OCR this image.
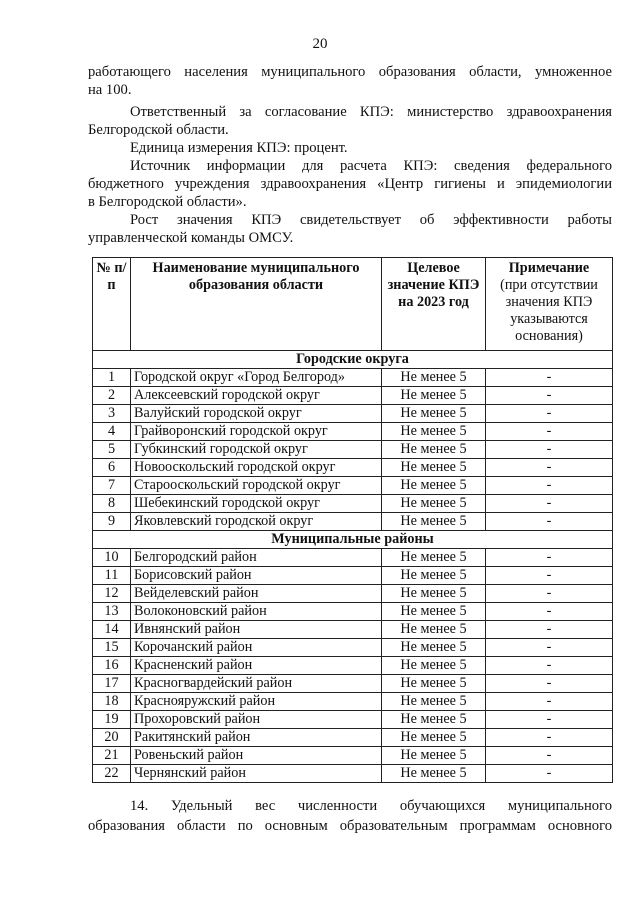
20
работающего населения муниципального образования области, умноженное
на 100.
Ответственный за согласование КПЭ: министерство здравоохранения
Белгородской области.
Единица измерения КПЭ: процент.
Источник информации для расчета КПЭ: сведения федерального
бюджетного учреждения здравоохранения «Центр гигиены и эпидемиологии
в Белгородской области».
Рост значения КПЭ свидетельствует об эффективности работы
управленческой команды ОМСУ.
№ п/п	Наименование муниципального образования области	Целевое значение КПЭ на 2023 год	Примечание
(при отсутствии значения КПЭ указываются основания)

Городские округа			
1	Городской округ «Город Белгород»	Не менее 5	-
2	Алексеевский городской округ	Не менее 5	-
3	Валуйский городской округ	Не менее 5	-
4	Грайворонский городской округ	Не менее 5	-
5	Губкинский городской округ	Не менее 5	-
6	Новооскольский городской округ	Не менее 5	-
7	Старооскольский городской округ	Не менее 5	-
8	Шебекинский городской округ	Не менее 5	-
9	Яковлевский городской округ	Не менее 5	-
Муниципальные районы			
10	Белгородский район	Не менее 5	-
11	Борисовский район	Не менее 5	-
12	Вейделевский район	Не менее 5	-
13	Волоконовский район	Не менее 5	-
14	Ивнянский район	Не менее 5	-
15	Корочанский район	Не менее 5	-
16	Красненский район	Не менее 5	-
17	Красногвардейский район	Не менее 5	-
18	Краснояружский район	Не менее 5	-
19	Прохоровский район	Не менее 5	-
20	Ракитянский район	Не менее 5	-
21	Ровеньский район	Не менее 5	-
22	Чернянский район	Не менее 5	-
14. Удельный вес численности обучающихся муниципального
образования области по основным образовательным программам основного
